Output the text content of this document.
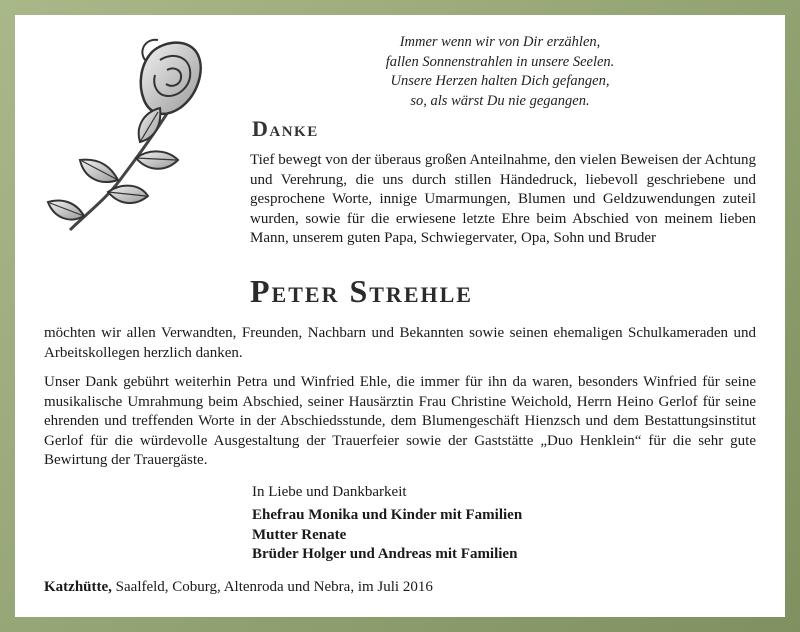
Immer wenn wir von Dir erzählen,
fallen Sonnenstrahlen in unsere Seelen.
Unsere Herzen halten Dich gefangen,
so, als wärst Du nie gegangen.
Danke
Tief bewegt von der überaus großen Anteilnahme, den vielen Beweisen der Achtung und Verehrung, die uns durch stillen Händedruck, liebevoll geschriebene und gesprochene Worte, innige Umarmungen, Blumen und Geldzuwendungen zuteil wurden, sowie für die erwiesene letzte Ehre beim Abschied von meinem lieben Mann, unserem guten Papa, Schwiegervater, Opa, Sohn und Bruder
Peter Strehle
möchten wir allen Verwandten, Freunden, Nachbarn und Bekannten sowie seinen ehemaligen Schulkameraden und Arbeitskollegen herzlich danken.
Unser Dank gebührt weiterhin Petra und Winfried Ehle, die immer für ihn da waren, besonders Winfried für seine musikalische Umrahmung beim Abschied, seiner Hausärztin Frau Christine Weichold, Herrn Heino Gerlof für seine ehrenden und treffenden Worte in der Abschiedsstunde, dem Blumengeschäft Hienzsch und dem Bestattungsinstitut Gerlof für die würdevolle Ausgestaltung der Trauerfeier sowie der Gaststätte „Duo Henklein“ für die sehr gute Bewirtung der Trauergäste.
In Liebe und Dankbarkeit
Ehefrau Monika und Kinder mit Familien
Mutter Renate
Brüder Holger und Andreas mit Familien
Katzhütte, Saalfeld, Coburg, Altenroda und Nebra, im Juli 2016
